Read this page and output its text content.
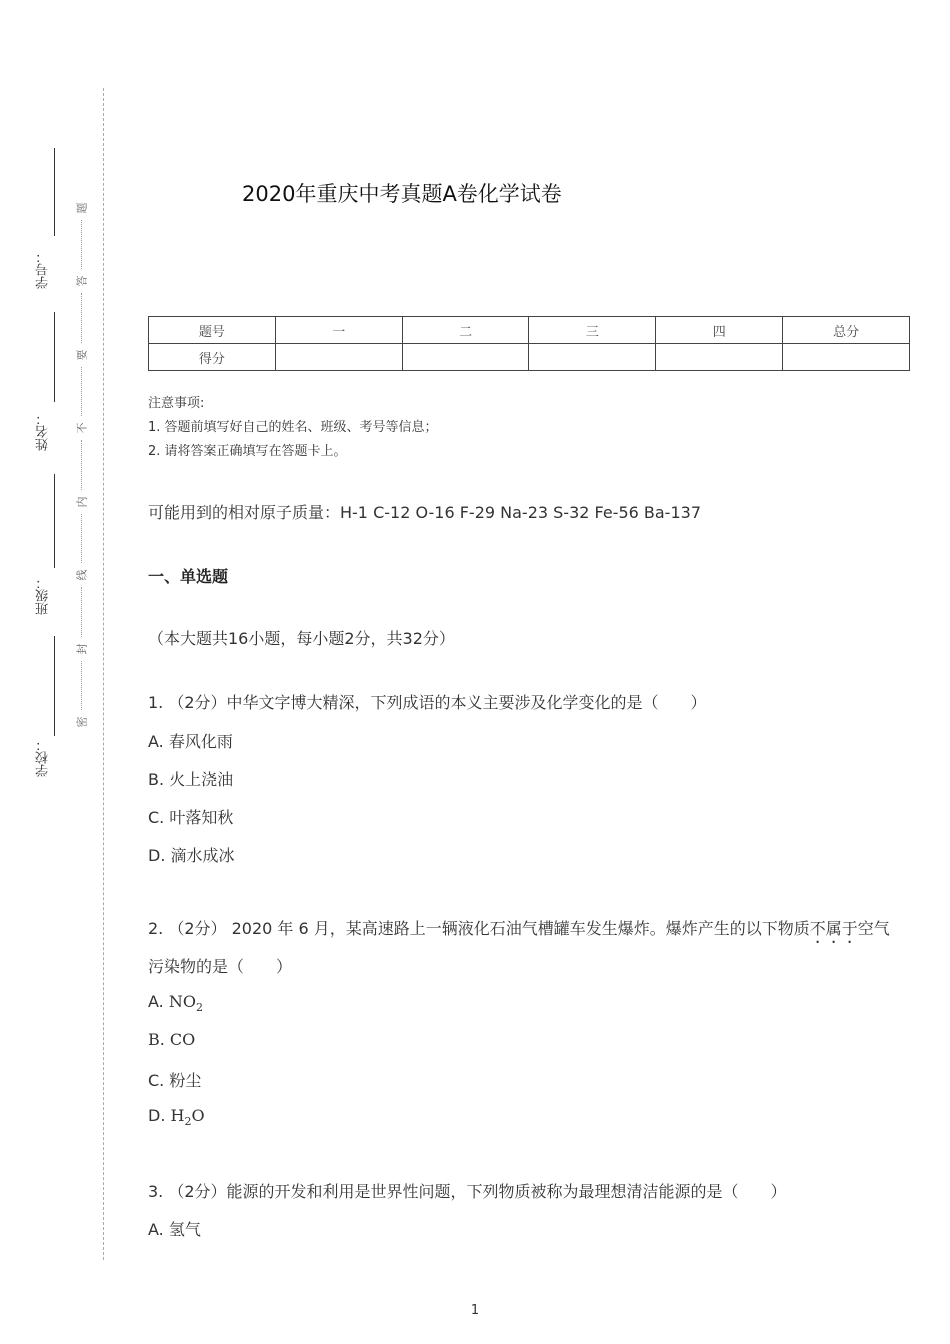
学号：
姓名：
班级：
学校：
题
答
要
不
内
线
封
密
2020年重庆中考真题A卷化学试卷
题号	一	二	三	四	总分
得分					
注意事项:
1. 答题前填写好自己的姓名、班级、考号等信息；
2. 请将答案正确填写在答题卡上。
可能用到的相对原子质量：H-1 C-12 O-16 F-29 Na-23 S-32 Fe-56 Ba-137
一、单选题
（本大题共16小题，每小题2分，共32分）
1. （2分）中华文字博大精深，下列成语的本义主要涉及化学变化的是（　　）
A. 春风化雨
B. 火上浇油
C. 叶落知秋
D. 滴水成冰
2. （2分） 2020 年 6 月，某高速路上一辆液化石油气槽罐车发生爆炸。爆炸产生的以下物质不属于空气
污染物的是（　　）
A. $NO_2$
B. CO
C. 粉尘
D. $H_2O$
3. （2分）能源的开发和利用是世界性问题，下列物质被称为最理想清洁能源的是（　　）
A. 氢气
1
